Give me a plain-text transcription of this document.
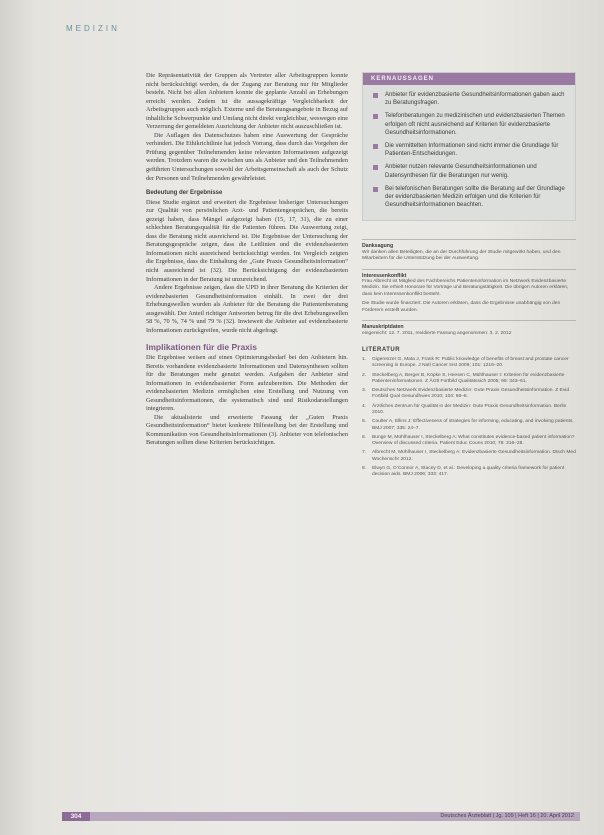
MEDIZIN

Die Repräsentativität der Gruppen als Vertreter aller Arbeitsgruppen konnte nicht berücksichtigt werden, da der Zugang zur Beratung nur für Mitglieder besteht. Nicht bei allen Anbietern konnte die geplante Anzahl an Erhebungen erreicht werden. Zudem ist die aussagekräftige Vergleichbarkeit der Arbeitsgruppen auch möglich. Externe und die Beratungsangebote in Bezug auf inhaltliche Schwerpunkte und Umfang nicht direkt vergleichbar, weswegen eine Verzerrung der gemeldeten Ausrichtung der Anbieter nicht auszuschließen ist.

Die Auflagen des Datenschutzes haben eine Auswertung der Gespräche verhindert. Die Ethikrichtlinie hat jedoch Vorrang, dass durch das Vorgehen der Prüfung gegenüber Teilnehmenden keine relevanten Informationen aufgezeigt werden. Trotzdem waren die zwischen uns als Anbieter und den Teilnehmenden geführten Untersuchungen sowohl der Arbeitsgemeinschaft als auch der Schutz der Personen und Teilnehmenden gewährleistet.

Bedeutung der Ergebnisse

Diese Studie ergänzt und erweitert die Ergebnisse bisheriger Untersuchungen zur Qualität von persönlichen Arzt- und Patientengesprächen, die bereits gezeigt haben, dass Mängel aufgezeigt haben (15, 17, 31), die zu einer schlechten Beratungsqualität für die Patienten führen. Die Auswertung zeigt, dass die Beratung nicht ausreichend ist. Die Ergebnisse der Untersuchung der Beratungsgespräche zeigen, dass die Leitlinien und die evidenzbasierten Informationen nicht ausreichend berücksichtigt werden. Im Vergleich zeigten die Ergebnisse, dass die Einhaltung der „Gute Praxis Gesundheitsinformation“ nicht ausreichend ist (32). Die Berücksichtigung der evidenzbasierten Informationen in der Beratung ist unzureichend.

Andere Ergebnisse zeigen, dass die UPD in ihrer Beratung die Kriterien der evidenzbasierten Gesundheitsinformation einhält. In zwei der drei Erhebungswellen wurden als Anbieter für die Beratung die Patientenberatung ausgewählt. Der Anteil richtiger Antworten betrug für die drei Erhebungswellen 58 %, 70 %, 74 % und 79 % (32). Inwieweit die Anbieter auf evidenzbasierte Informationen zurückgreifen, wurde nicht abgefragt.

Implikationen für die Praxis

Die Ergebnisse weisen auf einen Optimierungsbedarf bei den Anbietern hin. Bereits vorhandene evidenzbasierte Informationen und Datensynthesen sollten für die Beratungen mehr genutzt werden. Aufgaben der Anbieter sind Informationen in evidenzbasierter Form aufzubereiten. Die Methoden der evidenzbasierten Medizin ermöglichen eine Erstellung und Nutzung von Gesundheitsinformationen, die systematisch sind und Risikodarstellungen integrieren.

Die aktualisierte und erweiterte Fassung der „Guten Praxis Gesundheitsinformation“ bietet konkrete Hilfestellung bei der Erstellung und Kommunikation von Gesundheitsinformationen (3). Anbieter von telefonischen Beratungen sollten diese Kriterien berücksichtigen.

KERNAUSSAGEN
Anbieter für evidenzbasierte Gesundheitsinformationen gaben auch zu Beratungsfragen.
Telefonberatungen zu medizinischen und evidenzbasierten Themen erfolgen oft nicht ausreichend auf Kriterien für evidenzbasierte Gesundheitsinformationen.
Die vermittelten Informationen sind nicht immer die Grundlage für Patienten-Entscheidungen.
Anbieter nutzen relevante Gesundheitsinformationen und Datensynthesen für die Beratungen nur wenig.
Bei telefonischen Beratungen sollte die Beratung auf der Grundlage der evidenzbasierten Medizin erfolgen und die Kriterien für Gesundheitsinformationen beachten.
Danksagung
Wir danken allen Beteiligten, die an der Durchführung der Studie mitgewirkt haben, und den Mitarbeitern für die Unterstützung bei der Auswertung.
Interessenkonflikt
Frau Albrecht ist Mitglied des Fachbereichs Patienteninformation im Netzwerk Evidenzbasierte Medizin. Sie erhielt Honorare für Vorträge und Beratungstätigkeit. Die übrigen Autoren erklären, dass kein Interessenkonflikt besteht.
Die Studie wurde finanziert. Die Autoren erklären, dass die Ergebnisse unabhängig von den Förderern erstellt wurden.
Manuskriptdaten
eingereicht: 12. 7. 2011, revidierte Fassung angenommen: 3. 2. 2012
LITERATUR
1. Gigerenzer G, Mata J, Frank R: Public knowledge of benefits of breast and prostate cancer screening in Europe. J Natl Cancer Inst 2009; 101: 1216–20.
2. Steckelberg A, Berger B, Köpke S, Heesen C, Mühlhauser I: Kriterien für evidenzbasierte Patienteninformationen. Z Ärztl Fortbild Qualitätssich 2005; 99: 343–51.
3. Deutsches Netzwerk Evidenzbasierte Medizin: Gute Praxis Gesundheitsinformation. Z Evid Fortbild Qual Gesundhwes 2010; 104: 66–8.
4. Ärztliches Zentrum für Qualität in der Medizin: Gute Praxis Gesundheitsinformation. Berlin 2010.
5. Coulter A, Ellins J: Effectiveness of strategies for informing, educating, and involving patients. BMJ 2007; 335: 24–7.
6. Bunge M, Mühlhauser I, Steckelberg A: What constitutes evidence-based patient information? Overview of discussed criteria. Patient Educ Couns 2010; 78: 316–28.
7. Albrecht M, Mühlhauser I, Steckelberg A: Evidenzbasierte Gesundheitsinformation. Dtsch Med Wochenschr 2012.
8. Elwyn G, O’Connor A, Stacey D, et al.: Developing a quality criteria framework for patient decision aids. BMJ 2006; 333: 417.
304	Deutsches Ärzteblatt | Jg. 109 | Heft 16 | 20. April 2012
